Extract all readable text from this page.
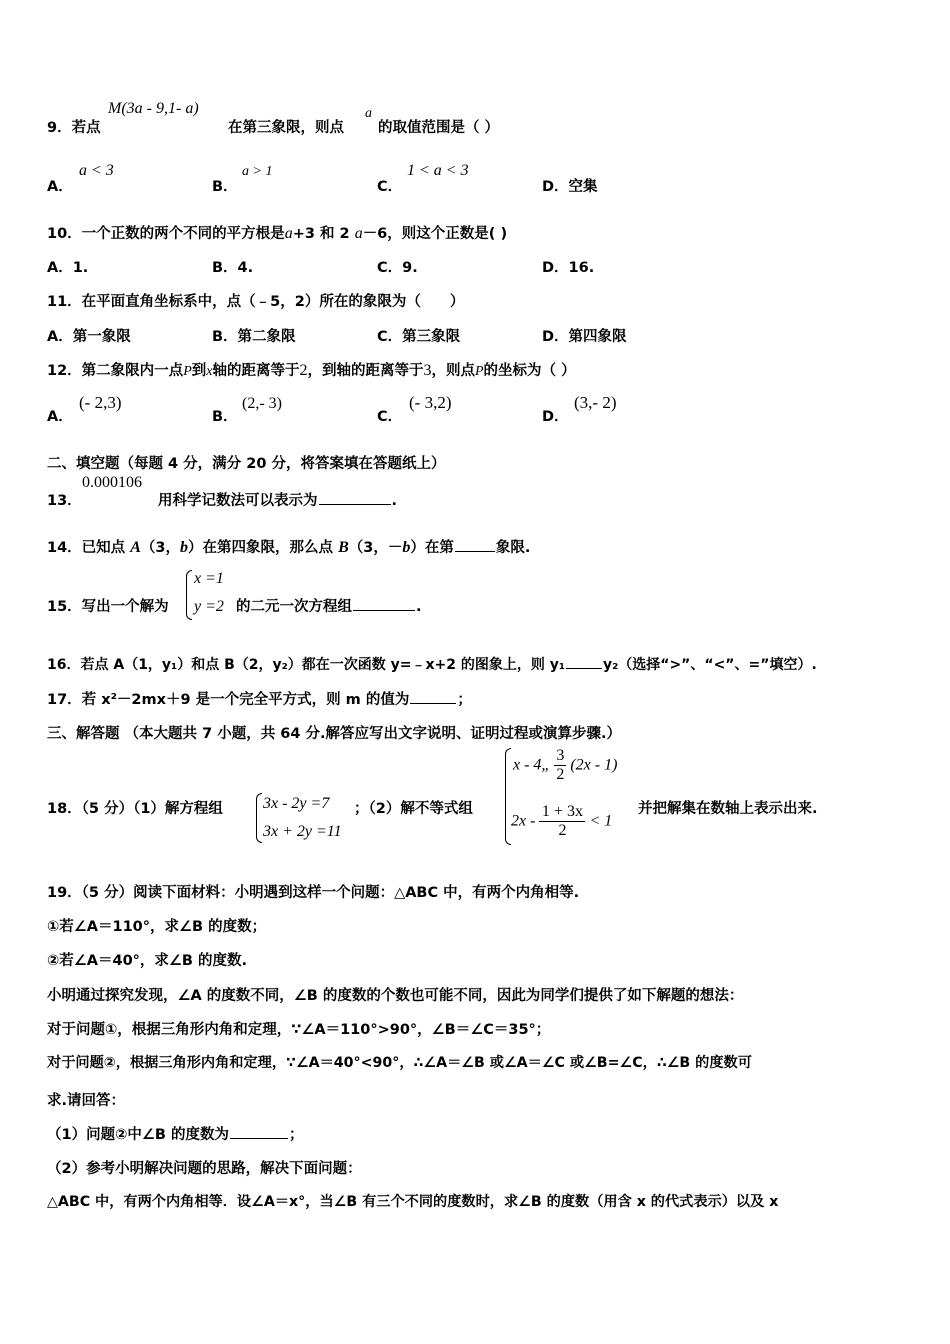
9．若点
M(3a - 9,1- a)
在第三象限，则点
a
的取值范围是（ ）
A．
a < 3
B．
a > 1
C．
1 < a < 3
D．空集
10．一个正数的两个不同的平方根是a+3 和 2 a－6，则这个正数是( )
A．1.	B．4.	C．9.	D．16.
11．在平面直角坐标系中，点（﹣5，2）所在的象限为（　　）
A．第一象限	B．第二象限	C．第三象限	D．第四象限
12．第二象限内一点P到x轴的距离等于2，到轴的距离等于3，则点P的坐标为（ ）
A．
(- 2,3)
B．
(2,- 3)
C．
(- 3,2)
D．
(3,- 2)
二、填空题（每题 4 分，满分 20 分，将答案填在答题纸上）
13．
0.000106
用科学记数法可以表示为	.
14．已知点 A（3，b）在第四象限，那么点 B（3，－b）在第	象限.
15．写出一个解为
x =1
y =2 的二元一次方程组	.
16．若点 A（1，y₁）和点 B（2，y₂）都在一次函数 y=﹣x+2 的图象上，则 y₁	y₂（选择“>”、“<”、=”填空）.
17．若 x²－2mx＋9 是一个完全平方式，则 m 的值为	；
三、解答题 （本大题共 7 小题，共 64 分.解答应写出文字说明、证明过程或演算步骤.）
18．（5 分）（1）解方程组	3x - 2y =7
3x + 2y =11
；（2）解不等式组
x - 4„ $\frac{3}{2} (2x - 1)$
$2x - \frac{1 + 3x}{2} < 1$
并把解集在数轴上表示出来.
19．（5 分）阅读下面材料：小明遇到这样一个问题：△ABC 中，有两个内角相等.
①若∠A＝110°，求∠B 的度数；
②若∠A＝40°，求∠B 的度数.
小明通过探究发现，∠A 的度数不同，∠B 的度数的个数也可能不同，因此为同学们提供了如下解题的想法：
对于问题①，根据三角形内角和定理，∵∠A＝110°>90°，∠B＝∠C＝35°；
对于问题②，根据三角形内角和定理，∵∠A＝40°<90°，∴∠A＝∠B 或∠A＝∠C 或∠B=∠C，∴∠B 的度数可
求.请回答：
（1）问题②中∠B 的度数为	；
（2）参考小明解决问题的思路，解决下面问题：
△ABC 中，有两个内角相等．设∠A＝x°，当∠B 有三个不同的度数时，求∠B 的度数（用含 x 的代式表示）以及 x
